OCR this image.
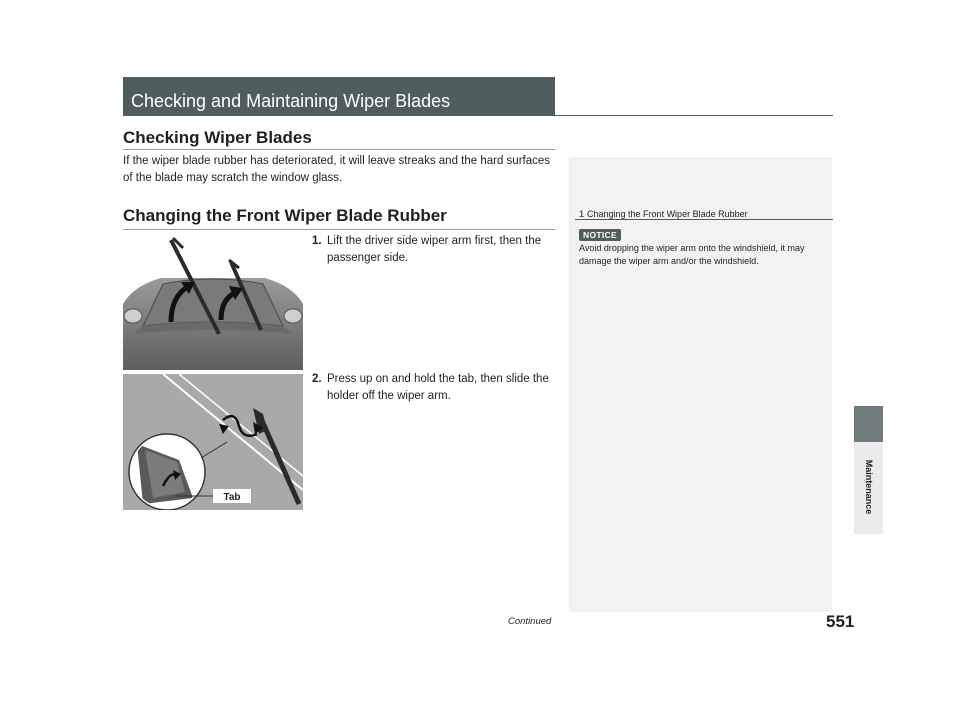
Checking and Maintaining Wiper Blades
Checking Wiper Blades
If the wiper blade rubber has deteriorated, it will leave streaks and the hard surfaces of the blade may scratch the window glass.
Changing the Front Wiper Blade Rubber
Tab
1. Lift the driver side wiper arm first, then the passenger side.
2. Press up on and hold the tab, then slide the holder off the wiper arm.
1 Changing the Front Wiper Blade Rubber
NOTICE
Avoid dropping the wiper arm onto the windshield, it may damage the wiper arm and/or the windshield.
Maintenance
Continued	551
